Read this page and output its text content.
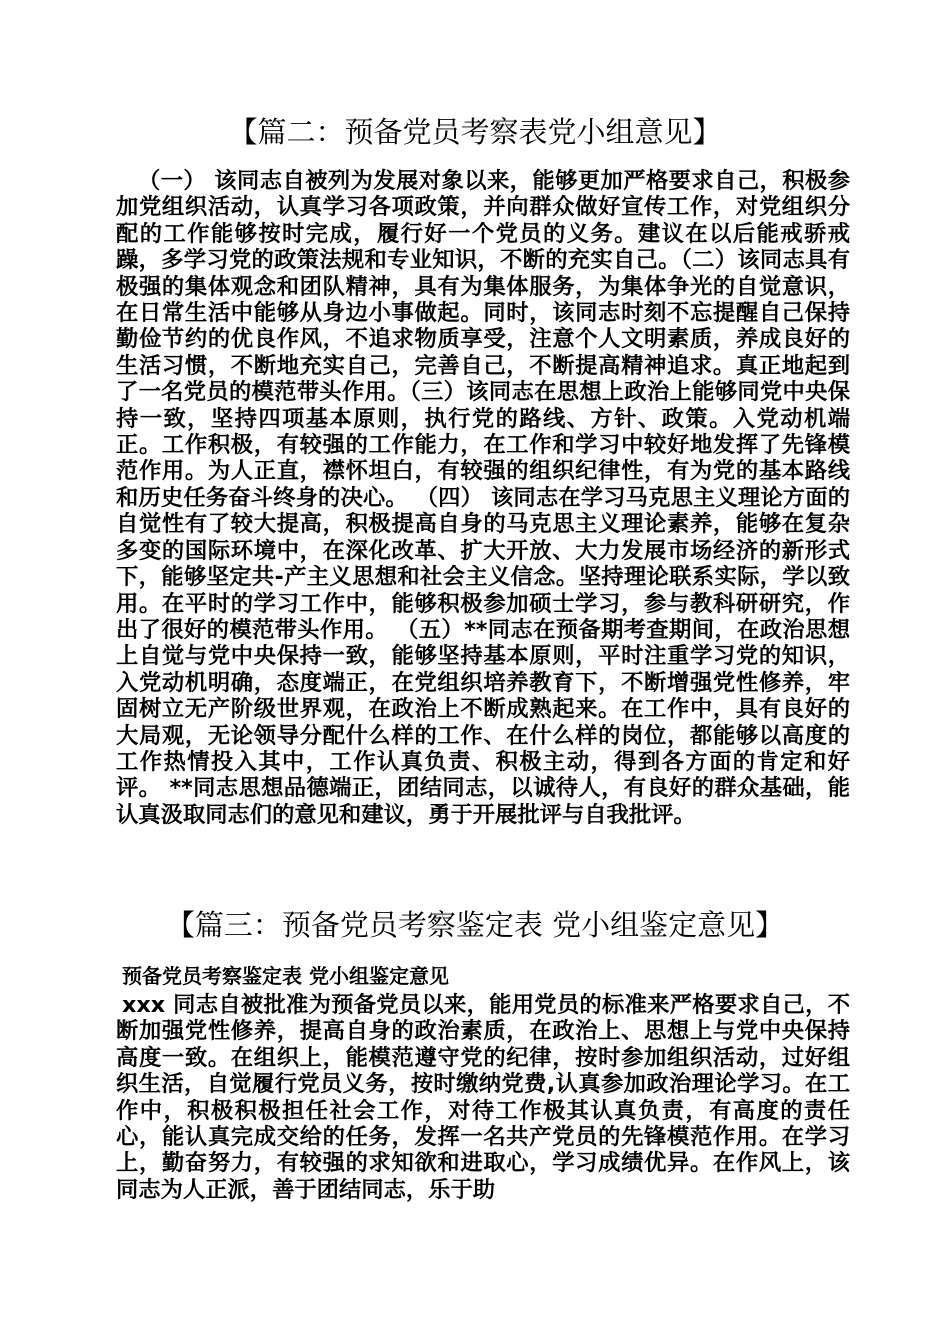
【篇二：预备党员考察表党小组意见】

（一） 该同志自被列为发展对象以来，能够更加严格要求自己，积极参加党组织活动，认真学习各项政策，并向群众做好宣传工作，对党组织分配的工作能够按时完成，履行好一个党员的义务。建议在以后能戒骄戒躁，多学习党的政策法规和专业知识，不断的充实自己。（二）该同志具有极强的集体观念和团队精神，具有为集体服务，为集体争光的自觉意识，在日常生活中能够从身边小事做起。同时，该同志时刻不忘提醒自己保持勤俭节约的优良作风，不追求物质享受，注意个人文明素质，养成良好的生活习惯，不断地充实自己，完善自己，不断提高精神追求。真正地起到了一名党员的模范带头作用。（三）该同志在思想上政治上能够同党中央保持一致，坚持四项基本原则，执行党的路线、方针、政策。入党动机端正。工作积极，有较强的工作能力，在工作和学习中较好地发挥了先锋模范作用。为人正直，襟怀坦白，有较强的组织纪律性，有为党的基本路线和历史任务奋斗终身的决心。 （四） 该同志在学习马克思主义理论方面的自觉性有了较大提高，积极提高自身的马克思主义理论素养，能够在复杂多变的国际环境中，在深化改革、扩大开放、大力发展市场经济的新形式下，能够坚定共-产主义思想和社会主义信念。坚持理论联系实际，学以致用。在平时的学习工作中，能够积极参加硕士学习，参与教科研研究，作出了很好的模范带头作用。 （五）**同志在预备期考查期间，在政治思想上自觉与党中央保持一致，能够坚持基本原则，平时注重学习党的知识，入党动机明确，态度端正，在党组织培养教育下，不断增强党性修养，牢固树立无产阶级世界观，在政治上不断成熟起来。在工作中，具有良好的大局观，无论领导分配什么样的工作、在什么样的岗位，都能够以高度的工作热情投入其中，工作认真负责、积极主动，得到各方面的肯定和好评。 **同志思想品德端正，团结同志，以诚待人，有良好的群众基础，能认真汲取同志们的意见和建议，勇于开展批评与自我批评。

【篇三：预备党员考察鉴定表 党小组鉴定意见】

预备党员考察鉴定表 党小组鉴定意见

xxx 同志自被批准为预备党员以来，能用党员的标准来严格要求自己，不断加强党性修养，提高自身的政治素质，在政治上、思想上与党中央保持高度一致。在组织上，能模范遵守党的纪律，按时参加组织活动，过好组织生活，自觉履行党员义务，按时缴纳党费,认真参加政治理论学习。在工作中，积极积极担任社会工作，对待工作极其认真负责，有高度的责任心，能认真完成交给的任务，发挥一名共产党员的先锋模范作用。在学习上，勤奋努力，有较强的求知欲和进取心，学习成绩优异。在作风上，该同志为人正派，善于团结同志，乐于助
